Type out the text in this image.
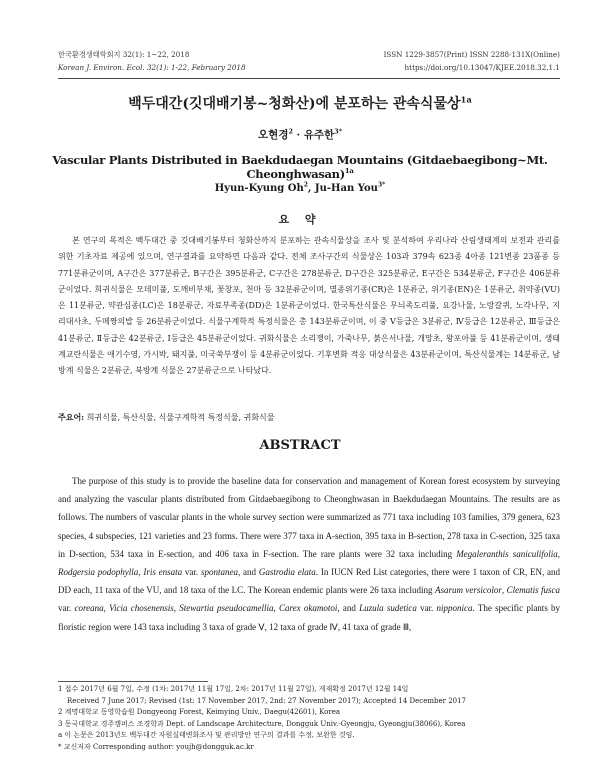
한국환경생태학회지 32(1): 1~22, 2018
Korean J. Environ. Ecol. 32(1): 1-22, February 2018
ISSN 1229-3857(Print) ISSN 2288-131X(Online)
https://doi.org/10.13047/KJEE.2018.32.1.1
백두대간(깃대배기봉~청화산)에 분포하는 관속식물상$^{1a}$
오현경$^2$ · 유주한$^{3*}$
Vascular Plants Distributed in Baekdudaegan Mountains (Gitdaebaegibong~Mt. Cheonghwasan)$^{1a}$
Hyun-Kyung Oh$^2$, Ju-Han You$^{3*}$
요 약
본 연구의 목적은 백두대간 중 깃대배기봉부터 청화산까지 분포하는 관속식물상을 조사 및 분석하여 우리나라 산림생태계의 보전과 관리를 위한 기초자료 제공에 있으며, 연구결과를 요약하면 다음과 같다. 전체 조사구간의 식물상은 103과 379속 623종 4아종 121변종 23품종 등 771분류군이며, A구간은 377분류군, B구간은 395분류군, C구간은 278분류군, D구간은 325분류군, E구간은 534분류군, F구간은 406분류군이었다. 희귀식물은 모데미풀, 도깨비부채, 꽃창포, 천마 등 32분류군이며, 멸종위기종(CR)은 1분류군, 위기종(EN)은 1분류군, 취약종(VU)은 11분류군, 약관심종(LC)은 18분류군, 자료부족종(DD)은 1분류군이었다. 한국특산식물은 무늬족도리풀, 요강나물, 노랑갈퀴, 노각나무, 지리대사초, 두메짱의밥 등 26분류군이었다. 식물구계학적 특정식물은 총 143분류군이며, 이 중 Ⅴ등급은 3분류군, Ⅳ등급은 12분류군, Ⅲ등급은 41분류군, Ⅱ등급은 42분류군, Ⅰ등급은 45분류군이었다. 귀화식물은 소리쟁이, 가죽나무, 붉은서나물, 개망초, 왕포아풀 등 41분류군이며, 생태계교란식물은 애기수영, 가시박, 돼지풀, 미국쑥부쟁이 등 4분류군이었다. 기후변화 적응 대상식물은 43분류군이며, 특산식물계는 14분류군, 남방계 식물은 2분류군, 북방계 식물은 27분류군으로 나타났다.
주요어: 희귀식물, 특산식물, 식물구계학적 특정식물, 귀화식물
ABSTRACT
The purpose of this study is to provide the baseline data for conservation and management of Korean forest ecosystem by surveying and analyzing the vascular plants distributed from Gitdaebaegibong to Cheonghwasan in Baekdudaegan Mountains. The results are as follows. The numbers of vascular plants in the whole survey section were summarized as 771 taxa including 103 families, 379 genera, 623 species, 4 subspecies, 121 varieties and 23 forms. There were 377 taxa in A-section, 395 taxa in B-section, 278 taxa in C-section, 325 taxa in D-section, 534 taxa in E-section, and 406 taxa in F-section. The rare plants were 32 taxa including Megaleranthis saniculifolia, Rodgersia podophylla, Iris ensata var. spontanea, and Gastrodia elata. In IUCN Red List categories, there were 1 taxon of CR, EN, and DD each, 11 taxa of the VU, and 18 taxa of the LC. The Korean endemic plants were 26 taxa including Asarum versicolor, Clematis fusca var. coreana, Vicia chosenensis, Stewartia pseudocamellia, Carex okamotoi, and Luzula sudetica var. nipponica. The specific plants by floristic region were 143 taxa including 3 taxa of grade Ⅴ, 12 taxa of grade Ⅳ, 41 taxa of grade Ⅲ,
1 접수 2017년 6월 7일, 수정 (1차: 2017년 11월 17일, 2차: 2017년 11월 27일), 게재확정 2017년 12월 14일
Received 7 June 2017; Revised (1st: 17 November 2017, 2nd: 27 November 2017); Accepted 14 December 2017
2 계명대학교 동영학습원 Dongyeong Forest, Keimying Univ., Daegu(42601), Korea
3 동국대학교 경주캠퍼스 조경학과 Dept. of Landscape Architecture, Dongguk Univ.-Gyeongju, Gyeongju(38066), Korea
a 이 논문은 2013년도 백두대간 자원실태변화조사 및 관리방안 연구의 결과를 수정, 보완한 것임.
* 교신저자 Corresponding author: youjh@dongguk.ac.kr
